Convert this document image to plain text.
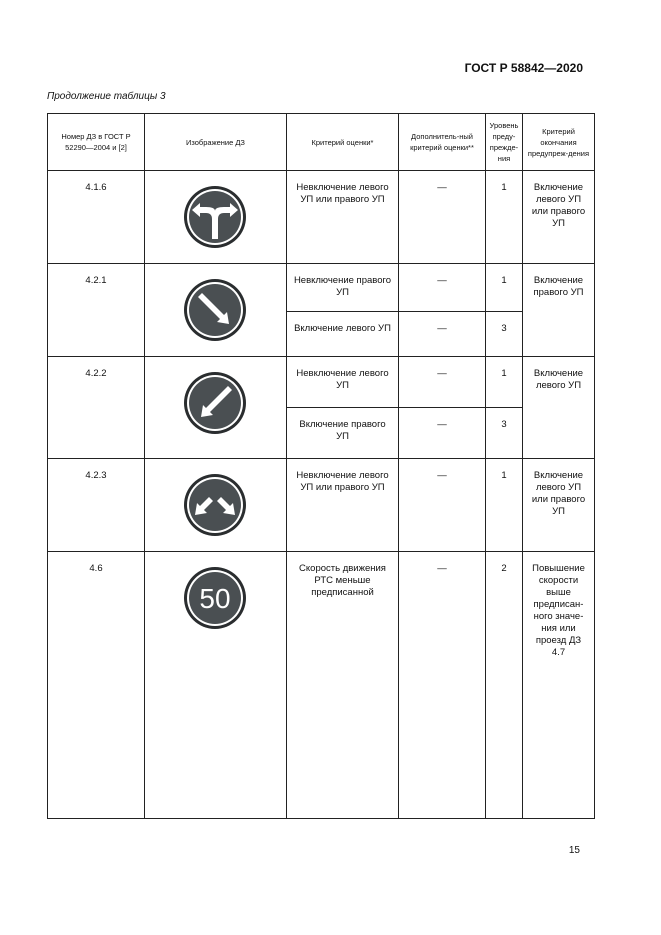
ГОСТ Р 58842—2020
Продолжение таблицы 3
Номер ДЗ в ГОСТ Р 52290—2004 и [2]	Изображение ДЗ	Критерий оценки*	Дополнитель-ный критерий оценки**	Уровень преду-прежде-ния	Критерий окончания предупреж-дения
4.1.6		Невключение левого УП или правого УП	—	1	Включение левого УП или правого УП
4.2.1		Невключение правого УП	—	1	Включение правого УП
		Включение левого УП	—	3	
4.2.2		Невключение левого УП	—	1	Включение левого УП
		Включение правого УП	—	3	
4.2.3		Невключение левого УП или правого УП	—	1	Включение левого УП или правого УП
4.6	50	Скорость движения РТС меньше предписанной	—	2	Повышение скорости выше предписан-ного значе-ния или проезд ДЗ 4.7
15
